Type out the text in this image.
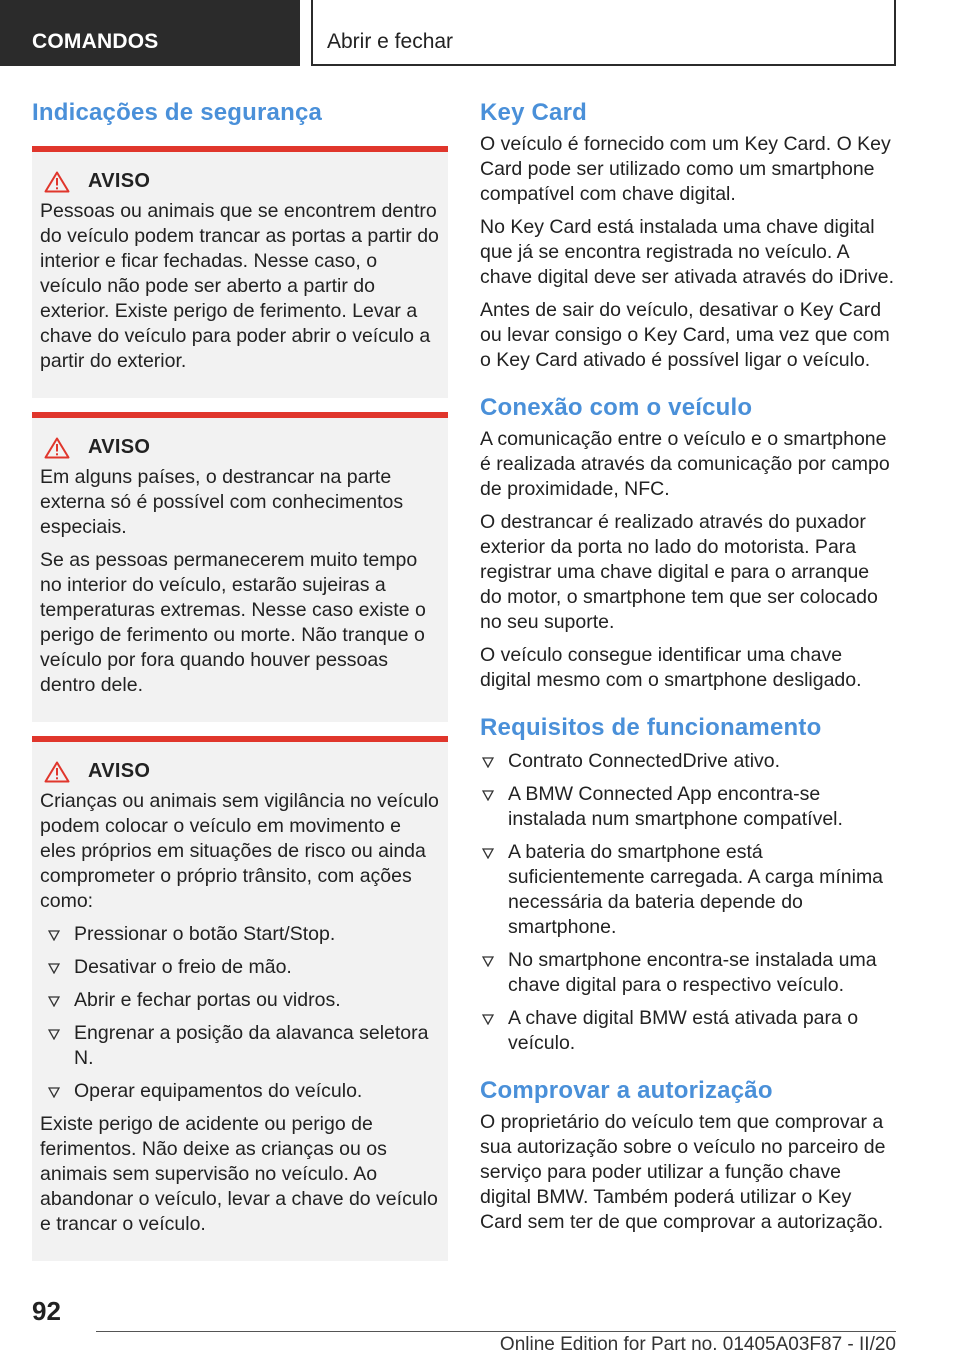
COMANDOS	Abrir e fechar
Indicações de segurança
AVISO

Pessoas ou animais que se encontrem dentro do veículo podem trancar as portas a partir do interior e ficar fechadas. Nesse caso, o veículo não pode ser aberto a partir do exterior. Existe perigo de ferimento. Levar a chave do veículo para poder abrir o veículo a partir do exterior.

AVISO

Em alguns países, o destrancar na parte externa só é possível com conhecimentos especiais.

Se as pessoas permanecerem muito tempo no interior do veículo, estarão sujeiras a temperaturas extremas. Nesse caso existe o perigo de ferimento ou morte. Não tranque o veículo por fora quando houver pessoas dentro dele.

AVISO

Crianças ou animais sem vigilância no veículo podem colocar o veículo em movimento e eles próprios em situações de risco ou ainda comprometer o próprio trânsito, com ações como:

Pressionar o botão Start/Stop.
Desativar o freio de mão.
Abrir e fechar portas ou vidros.
Engrenar a posição da alavanca seletora N.
Operar equipamentos do veículo.

Existe perigo de acidente ou perigo de ferimentos. Não deixe as crianças ou os animais sem supervisão no veículo. Ao abandonar o veículo, levar a chave do veículo e trancar o veículo.

Key Card

O veículo é fornecido com um Key Card. O Key Card pode ser utilizado como um smartphone compatível com chave digital.

No Key Card está instalada uma chave digital que já se encontra registrada no veículo. A chave digital deve ser ativada através do iDrive.

Antes de sair do veículo, desativar o Key Card ou levar consigo o Key Card, uma vez que com o Key Card ativado é possível ligar o veículo.

Conexão com o veículo

A comunicação entre o veículo e o smartphone é realizada através da comunicação por campo de proximidade, NFC.

O destrancar é realizado através do puxador exterior da porta no lado do motorista. Para registrar uma chave digital e para o arranque do motor, o smartphone tem que ser colocado no seu suporte.

O veículo consegue identificar uma chave digital mesmo com o smartphone desligado.

Requisitos de funcionamento
Contrato ConnectedDrive ativo.
A BMW Connected App encontra-se instalada num smartphone compatível.
A bateria do smartphone está suficientemente carregada. A carga mínima necessária da bateria depende do smartphone.
No smartphone encontra-se instalada uma chave digital para o respectivo veículo.
A chave digital BMW está ativada para o veículo.
Comprovar a autorização

O proprietário do veículo tem que comprovar a sua autorização sobre o veículo no parceiro de serviço para poder utilizar a função chave digital BMW. Também poderá utilizar o Key Card sem ter de que comprovar a autorização.

92
Online Edition for Part no. 01405A03F87 - II/20
